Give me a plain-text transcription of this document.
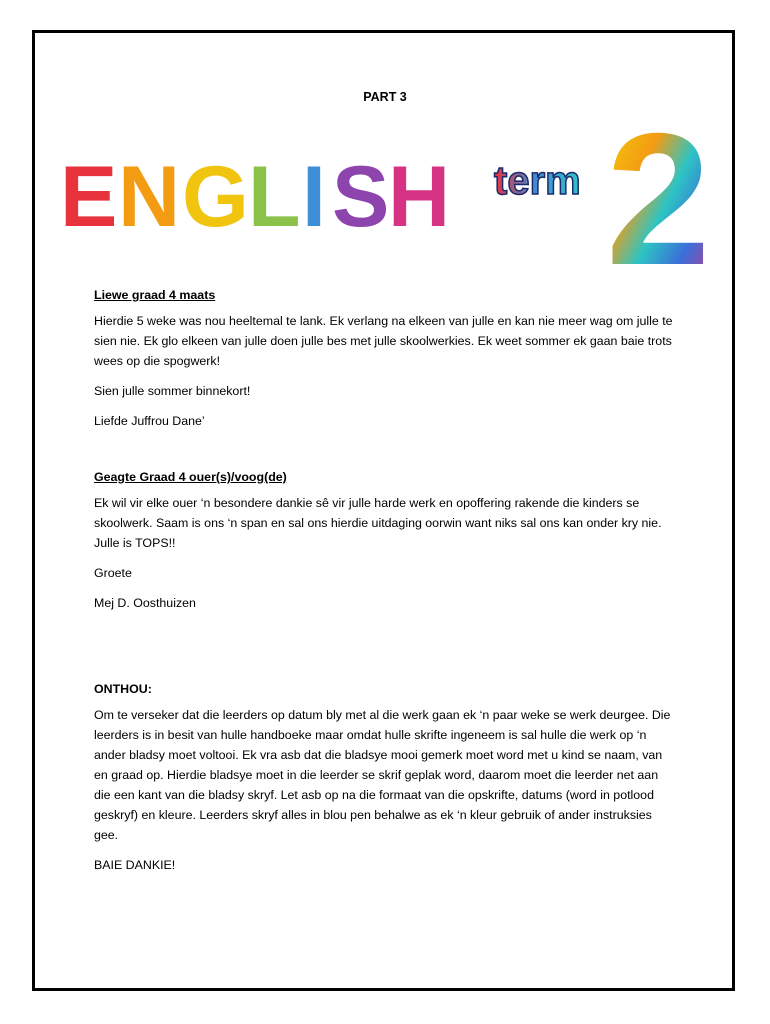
PART 3
E N G L I S
H term 2
Liewe graad 4 maats

Hierdie 5 weke was nou heeltemal te lank. Ek verlang na elkeen van julle en kan nie meer wag om julle te sien nie. Ek glo elkeen van julle doen julle bes met julle skoolwerkies. Ek weet sommer ek gaan baie trots wees op die spogwerk!

Sien julle sommer binnekort!

Liefde Juffrou Dane’

Geagte Graad 4 ouer(s)/voog(de)

Ek wil vir elke ouer ‘n besondere dankie sê vir julle harde werk en opoffering rakende die kinders se skoolwerk. Saam is ons ‘n span en sal ons hierdie uitdaging oorwin want niks sal ons kan onder kry nie. Julle is TOPS!!

Groete

Mej D. Oosthuizen

ONTHOU:

Om te verseker dat die leerders op datum bly met al die werk gaan ek ‘n paar weke se werk deurgee. Die leerders is in besit van hulle handboeke maar omdat hulle skrifte ingeneem is sal hulle die werk op ‘n ander bladsy moet voltooi. Ek vra asb dat die bladsye mooi gemerk moet word met u kind se naam, van en graad op. Hierdie bladsye moet in die leerder se skrif geplak word, daarom moet die leerder net aan die een kant van die bladsy skryf. Let asb op na die formaat van die opskrifte, datums (word in potlood geskryf) en kleure. Leerders skryf alles in blou pen behalwe as ek ‘n kleur gebruik of ander instruksies gee.

BAIE DANKIE!
